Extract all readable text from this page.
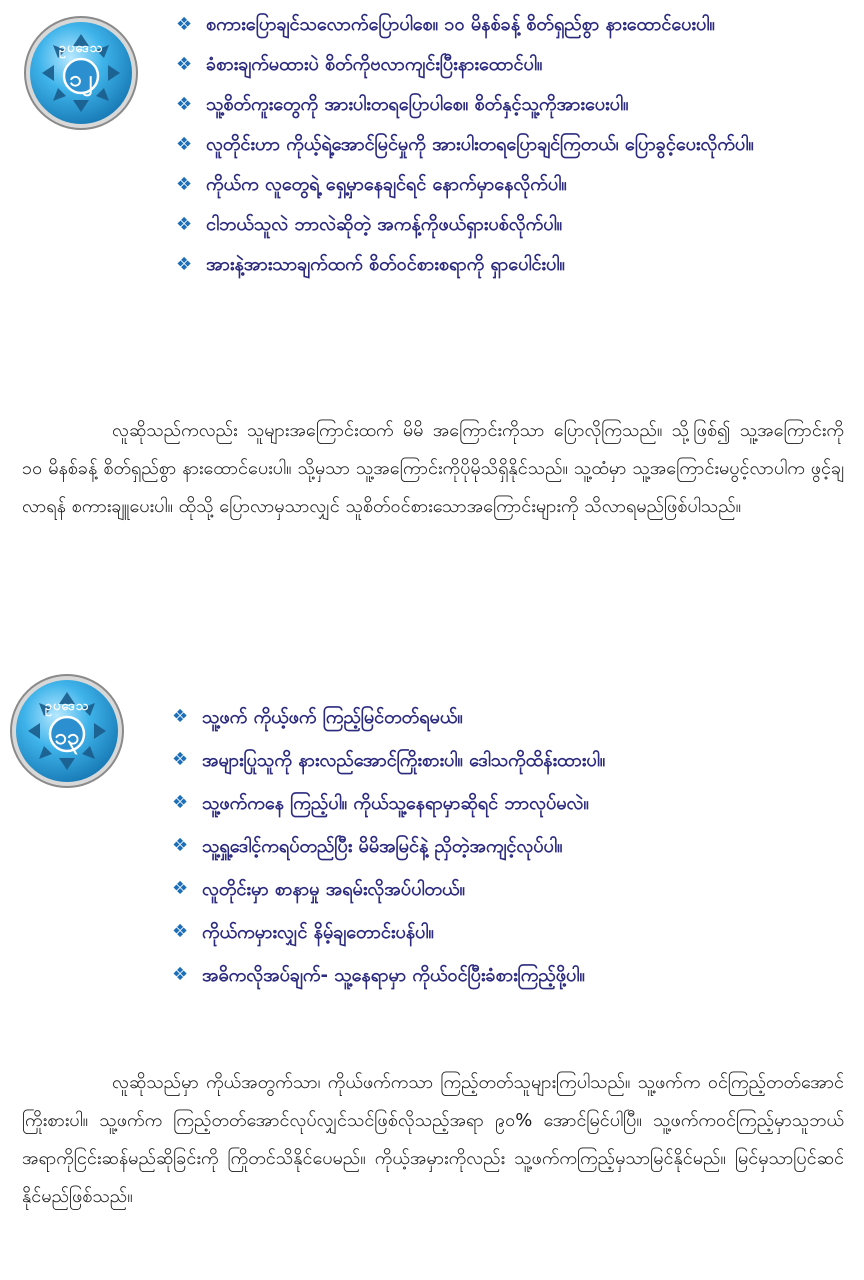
ဥပဒေသ
၁၂
❖ စကားပြောချင်သလောက်ပြောပါစေ။ ၁၀ မိနစ်ခန့် စိတ်ရှည်စွာ နားထောင်ပေးပါ။
❖ ခံစားချက်မထားပဲ စိတ်ကိုဗလာကျင်းပြီးနားထောင်ပါ။
❖ သူ့စိတ်ကူးတွေကို အားပါးတရပြောပါစေ။ စိတ်နှင့်သူ့ကိုအားပေးပါ။
❖ လူတိုင်းဟာ ကိုယ့်ရဲ့အောင်မြင်မှုကို အားပါးတရပြောချင်ကြတယ်၊ ပြောခွင့်ပေးလိုက်ပါ။
❖ ကိုယ်က လူတွေရဲ့ ရှေ့မှာနေချင်ရင် နောက်မှာနေလိုက်ပါ။
❖ ငါဘယ်သူလဲ ဘာလဲဆိုတဲ့ အကန့်ကိုဖယ်ရှားပစ်လိုက်ပါ။
❖ အားနဲ့အားသာချက်ထက် စိတ်ဝင်စားစရာကို ရှာပေါင်းပါ။

လူဆိုသည်ကလည်း သူများအကြောင်းထက် မိမိ အကြောင်းကိုသာ ပြောလိုကြသည်။ သို့ဖြစ်၍ သူ့အကြောင်းကို ၁၀ မိနစ်ခန့် စိတ်ရှည်စွာ နားထောင်ပေးပါ။ သို့မှသာ သူ့အကြောင်းကိုပိုမိုသိရှိနိုင်သည်။ သူ့ထံမှာ သူ့အကြောင်းမပွင့်လာပါက ဖွင့်ချလာရန် စကားချူပေးပါ။ ထိုသို့ ပြောလာမှသာလျှင် သူစိတ်ဝင်စားသောအကြောင်းများကို သိလာရမည်ဖြစ်ပါသည်။

ဥပဒေသ
၁၃
❖ သူ့ဖက် ကိုယ့်ဖက် ကြည့်မြင်တတ်ရမယ်။
❖ အများပြုသူကို နားလည်အောင်ကြိုးစားပါ။ ဒေါသကိုထိန်းထားပါ။
❖ သူ့ဖက်ကနေ ကြည့်ပါ။ ကိုယ်သူ့နေရာမှာဆိုရင် ဘာလုပ်မလဲ။
❖ သူ့ရှူ့ဒေါင့်ကရပ်တည်ပြီး မိမိအမြင်နဲ့ ညှိတဲ့အကျင့်လုပ်ပါ။
❖ လူတိုင်းမှာ စာနာမှု အရမ်းလိုအပ်ပါတယ်။
❖ ကိုယ်ကမှားလျှင် နိမ့်ချတောင်းပန်ပါ။
❖ အဓိကလိုအပ်ချက်- သူ့နေရာမှာ ကိုယ်ဝင်ပြီးခံစားကြည့်ဖို့ပါ။

လူဆိုသည်မှာ ကိုယ်အတွက်သာ၊ ကိုယ်ဖက်ကသာ ကြည့်တတ်သူများကြပါသည်။ သူ့ဖက်က ဝင်ကြည့်တတ်အောင်ကြိုးစားပါ။ သူ့ဖက်က ကြည့်တတ်အောင်လုပ်လျှင်သင်ဖြစ်လိုသည့်အရာ ၉၀% အောင်မြင်ပါပြီ။ သူ့ဖက်ကဝင်ကြည့်မှာသူဘယ်အရာကိုငြင်းဆန်မည်ဆိုခြင်းကို ကြိုတင်သိနိုင်ပေမည်။ ကိုယ့်အမှားကိုလည်း သူ့ဖက်ကကြည့်မှသာမြင်နိုင်မည်။ မြင်မှသာပြင်ဆင်နိုင်မည်ဖြစ်သည်။
